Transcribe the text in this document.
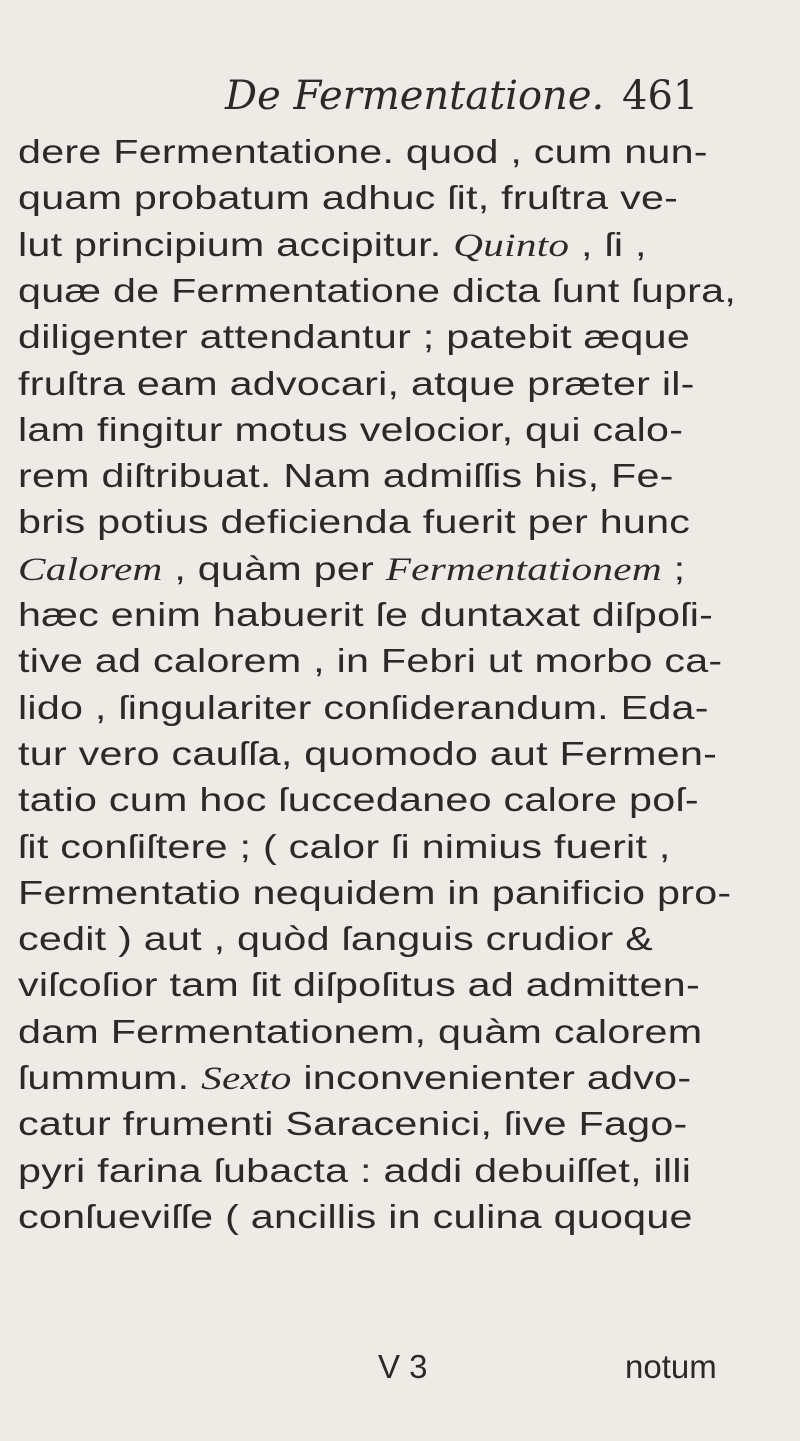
De Fermentatione. 461
dere Fermentatione. quod , cum nun-
quam probatum adhuc ſit, fruſtra ve-
lut principium accipitur. Quinto , ſi ,
quæ de Fermentatione dicta ſunt ſupra,
diligenter attendantur ; patebit æque
fruſtra eam advocari, atque præter il-
lam fingitur motus velocior, qui calo-
rem diſtribuat. Nam admiſſis his, Fe-
bris potius deficienda fuerit per hunc
Calorem , quàm per Fermentationem ;
hæc enim habuerit ſe duntaxat diſpoſi-
tive ad calorem , in Febri ut morbo ca-
lido , ſingulariter conſiderandum. Eda-
tur vero cauſſa, quomodo aut Fermen-
tatio cum hoc ſuccedaneo calore poſ-
ſit conſiſtere ; ( calor ſi nimius fuerit ,
Fermentatio nequidem in panificio pro-
cedit ) aut , quòd ſanguis crudior &
viſcoſior tam ſit diſpoſitus ad admitten-
dam Fermentationem, quàm calorem
ſummum. Sexto inconvenienter advo-
catur frumenti Saracenici, ſive Fago-
pyri farina ſubacta : addi debuiſſet, illi
conſueviſſe ( ancillis in culina quoque
V 3	notum
